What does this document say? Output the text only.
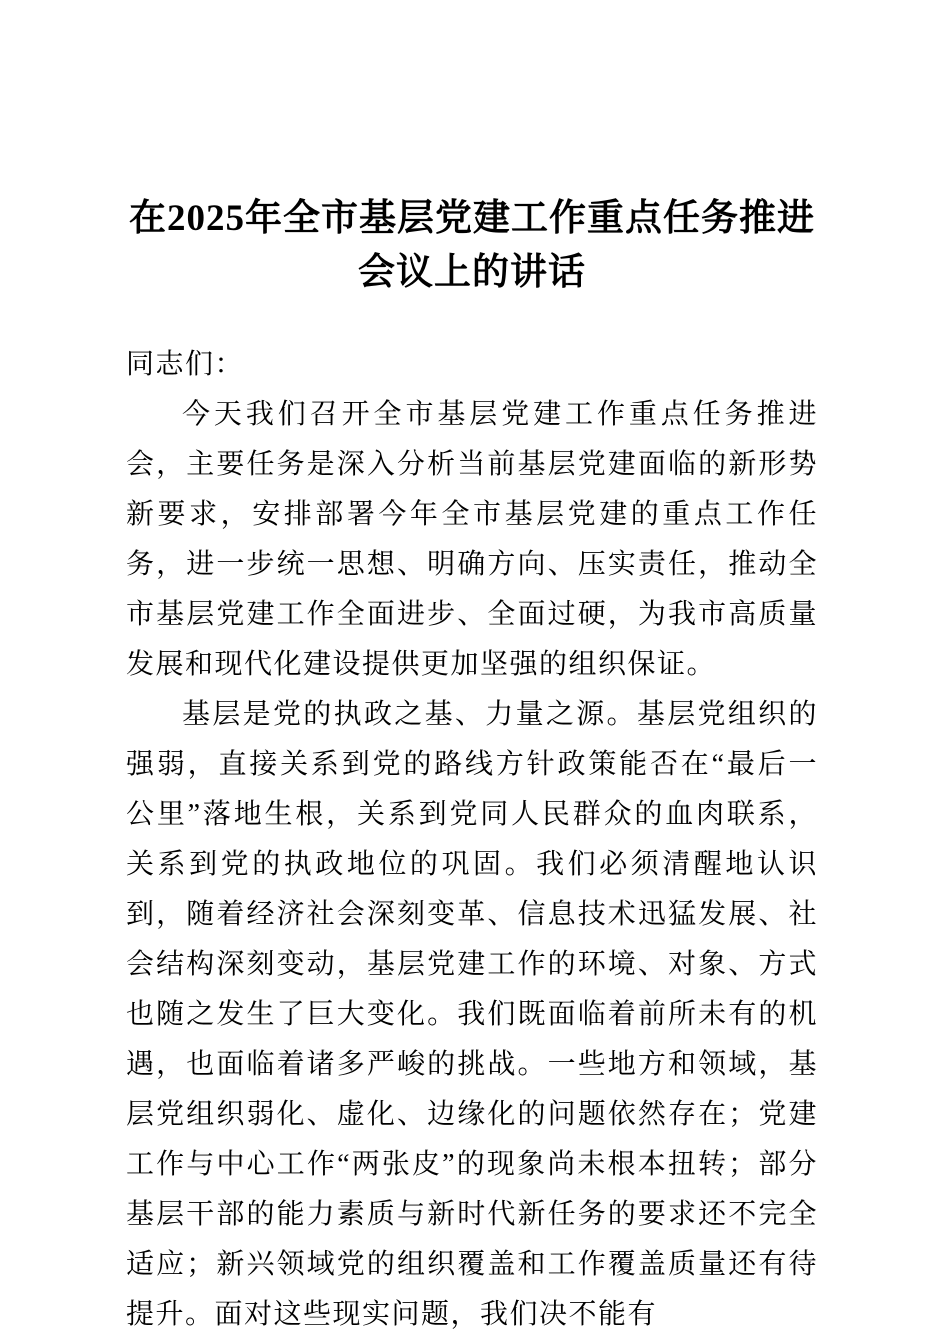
在2025年全市基层党建工作重点任务推进会议上的讲话

同志们：

今天我们召开全市基层党建工作重点任务推进会，主要任务是深入分析当前基层党建面临的新形势新要求，安排部署今年全市基层党建的重点工作任务，进一步统一思想、明确方向、压实责任，推动全市基层党建工作全面进步、全面过硬，为我市高质量发展和现代化建设提供更加坚强的组织保证。

基层是党的执政之基、力量之源。基层党组织的强弱，直接关系到党的路线方针政策能否在“最后一公里”落地生根，关系到党同人民群众的血肉联系，关系到党的执政地位的巩固。我们必须清醒地认识到，随着经济社会深刻变革、信息技术迅猛发展、社会结构深刻变动，基层党建工作的环境、对象、方式也随之发生了巨大变化。我们既面临着前所未有的机遇，也面临着诸多严峻的挑战。一些地方和领域，基层党组织弱化、虚化、边缘化的问题依然存在；党建工作与中心工作“两张皮”的现象尚未根本扭转；部分基层干部的能力素质与新时代新任务的要求还不完全适应；新兴领域党的组织覆盖和工作覆盖质量还有待提升。面对这些现实问题，我们决不能有
